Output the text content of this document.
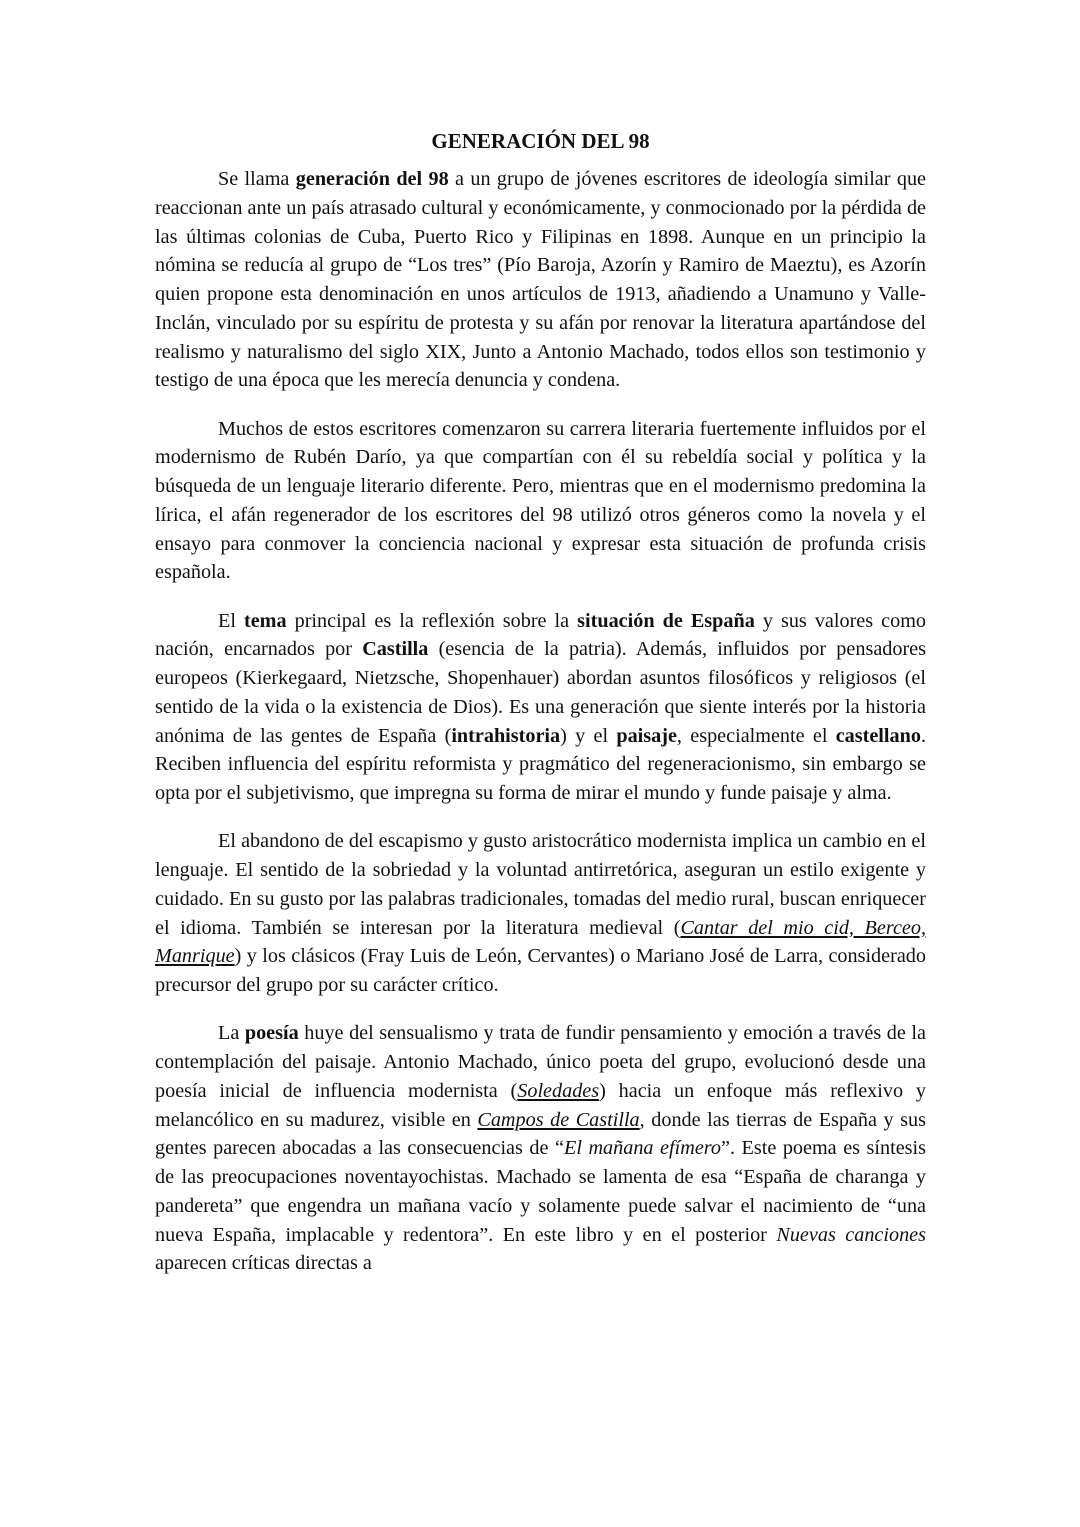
GENERACIÓN DEL 98

Se llama generación del 98 a un grupo de jóvenes escritores de ideología similar que reaccionan ante un país atrasado cultural y económicamente, y conmocionado por la pérdida de las últimas colonias de Cuba, Puerto Rico y Filipinas en 1898. Aunque en un principio la nómina se reducía al grupo de “Los tres” (Pío Baroja, Azorín y Ramiro de Maeztu), es Azorín quien propone esta denominación en unos artículos de 1913, añadiendo a Unamuno y Valle-Inclán, vinculado por su espíritu de protesta y su afán por renovar la literatura apartándose del realismo y naturalismo del siglo XIX, Junto a Antonio Machado, todos ellos son testimonio y testigo de una época que les merecía denuncia y condena.

Muchos de estos escritores comenzaron su carrera literaria fuertemente influidos por el modernismo de Rubén Darío, ya que compartían con él su rebeldía social y política y la búsqueda de un lenguaje literario diferente. Pero, mientras que en el modernismo predomina la lírica, el afán regenerador de los escritores del 98 utilizó otros géneros como la novela y el ensayo para conmover la conciencia nacional y expresar esta situación de profunda crisis española.

El tema principal es la reflexión sobre la situación de España y sus valores como nación, encarnados por Castilla (esencia de la patria). Además, influidos por pensadores europeos (Kierkegaard, Nietzsche, Shopenhauer) abordan asuntos filosóficos y religiosos (el sentido de la vida o la existencia de Dios). Es una generación que siente interés por la historia anónima de las gentes de España (intrahistoria) y el paisaje, especialmente el castellano. Reciben influencia del espíritu reformista y pragmático del regeneracionismo, sin embargo se opta por el subjetivismo, que impregna su forma de mirar el mundo y funde paisaje y alma.

El abandono de del escapismo y gusto aristocrático modernista implica un cambio en el lenguaje. El sentido de la sobriedad y la voluntad antirretórica, aseguran un estilo exigente y cuidado. En su gusto por las palabras tradicionales, tomadas del medio rural, buscan enriquecer el idioma. También se interesan por la literatura medieval (Cantar del mio cid, Berceo, Manrique) y los clásicos (Fray Luis de León, Cervantes) o Mariano José de Larra, considerado precursor del grupo por su carácter crítico.

La poesía huye del sensualismo y trata de fundir pensamiento y emoción a través de la contemplación del paisaje. Antonio Machado, único poeta del grupo, evolucionó desde una poesía inicial de influencia modernista (Soledades) hacia un enfoque más reflexivo y melancólico en su madurez, visible en Campos de Castilla, donde las tierras de España y sus gentes parecen abocadas a las consecuencias de “El mañana efímero”. Este poema es síntesis de las preocupaciones noventayochistas. Machado se lamenta de esa “España de charanga y pandereta” que engendra un mañana vacío y solamente puede salvar el nacimiento de “una nueva España, implacable y redentora”. En este libro y en el posterior Nuevas canciones aparecen críticas directas a
